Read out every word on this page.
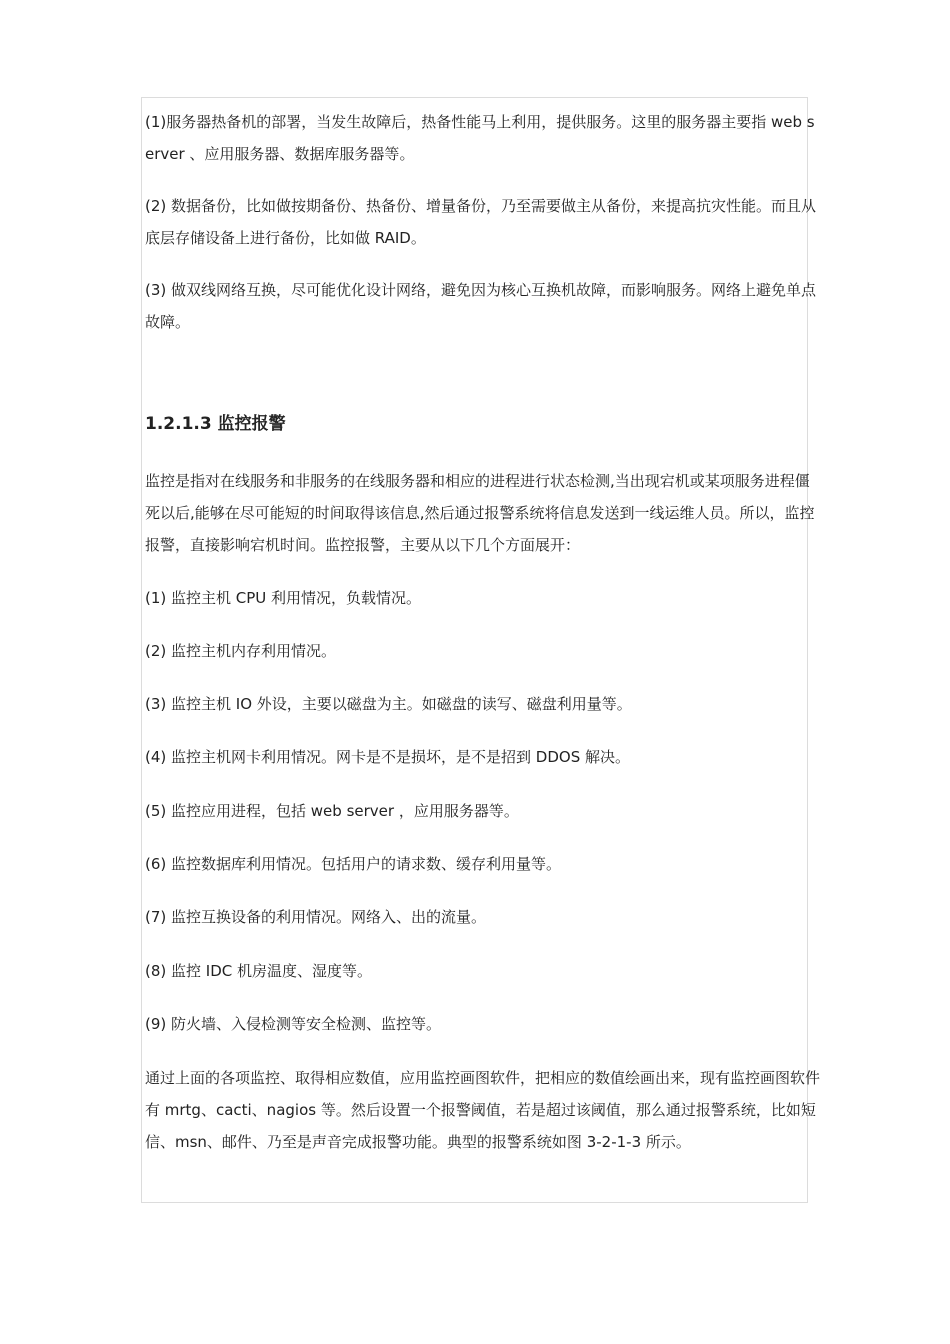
(1)服务器热备机的部署，当发生故障后，热备性能马上利用，提供服务。这里的服务器主要指 web server 、应用服务器、数据库服务器等。

(2) 数据备份，比如做按期备份、热备份、增量备份，乃至需要做主从备份，来提高抗灾性能。而且从底层存储设备上进行备份，比如做 RAID。

(3) 做双线网络互换，尽可能优化设计网络，避免因为核心互换机故障，而影响服务。网络上避免单点故障。

1.2.1.3 监控报警

监控是指对在线服务和非服务的在线服务器和相应的进程进行状态检测,当出现宕机或某项服务进程僵死以后,能够在尽可能短的时间取得该信息,然后通过报警系统将信息发送到一线运维人员。所以，监控报警，直接影响宕机时间。监控报警，主要从以下几个方面展开：

(1) 监控主机 CPU 利用情况，负载情况。

(2) 监控主机内存利用情况。

(3) 监控主机 IO 外设，主要以磁盘为主。如磁盘的读写、磁盘利用量等。

(4) 监控主机网卡利用情况。网卡是不是损坏，是不是招到 DDOS 解决。

(5) 监控应用进程，包括 web server ，应用服务器等。

(6) 监控数据库利用情况。包括用户的请求数、缓存利用量等。

(7) 监控互换设备的利用情况。网络入、出的流量。

(8) 监控 IDC 机房温度、湿度等。

(9) 防火墙、入侵检测等安全检测、监控等。

通过上面的各项监控、取得相应数值，应用监控画图软件，把相应的数值绘画出来，现有监控画图软件有 mrtg、cacti、nagios 等。然后设置一个报警阈值，若是超过该阈值，那么通过报警系统，比如短信、msn、邮件、乃至是声音完成报警功能。典型的报警系统如图 3-2-1-3 所示。
